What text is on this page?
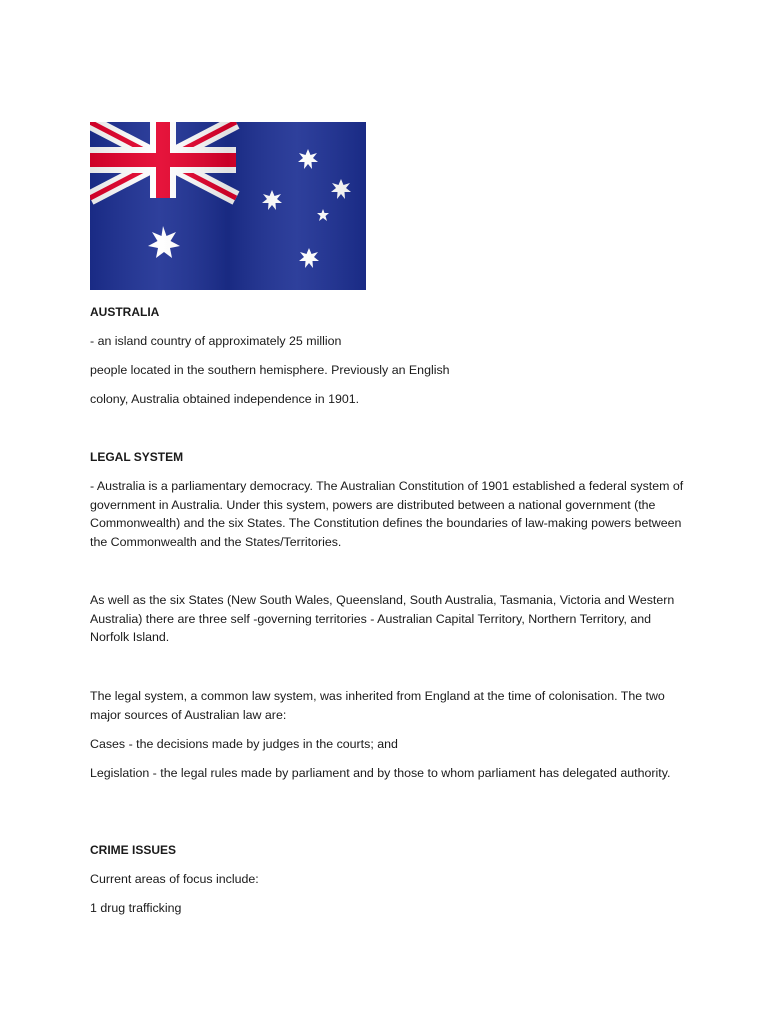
AUSTRALIA

- an island country of approximately 25 million

people located in the southern hemisphere. Previously an English

colony, Australia obtained independence in 1901.

LEGAL SYSTEM

- Australia is a parliamentary democracy. The Australian Constitution of 1901 established a federal system of government in Australia. Under this system, powers are distributed between a national government (the Commonwealth) and the six States. The Constitution defines the boundaries of law-making powers between the Commonwealth and the States/Territories.

As well as the six States (New South Wales, Queensland, South Australia, Tasmania, Victoria and Western Australia) there are three self -governing territories - Australian Capital Territory, Northern Territory, and Norfolk Island.

The legal system, a common law system, was inherited from England at the time of colonisation. The two major sources of Australian law are:

Cases - the decisions made by judges in the courts; and

Legislation - the legal rules made by parliament and by those to whom parliament has delegated authority.

CRIME ISSUES

Current areas of focus include:

1 drug trafficking
